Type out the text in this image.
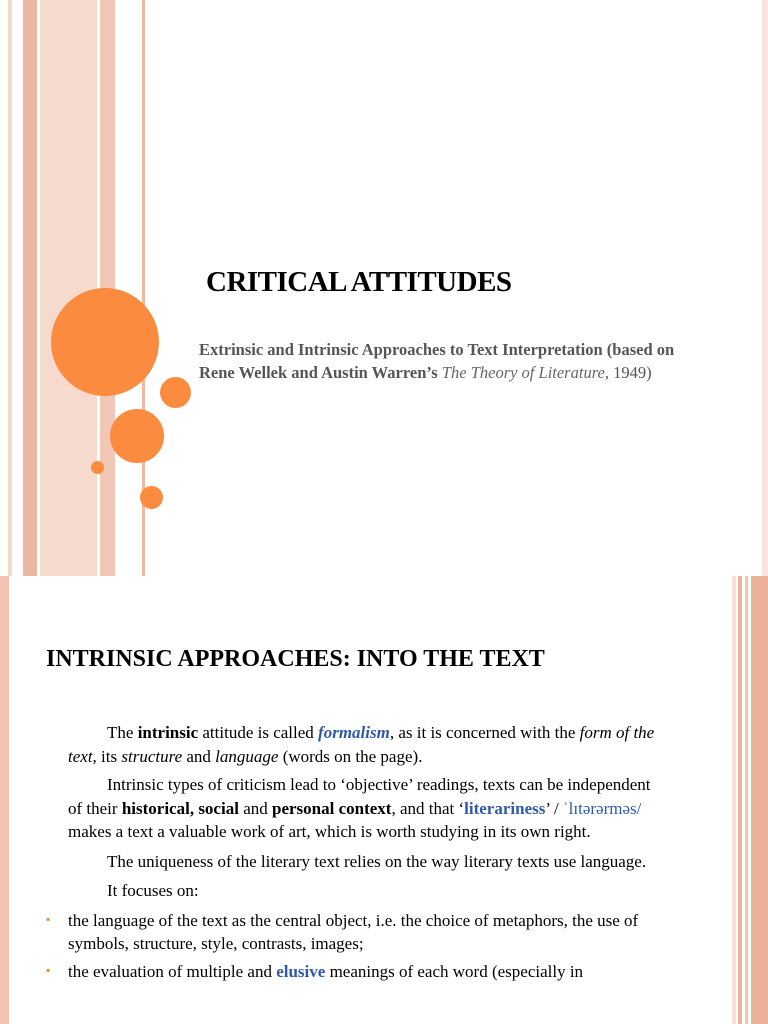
CRITICAL ATTITUDES
Extrinsic and Intrinsic Approaches to Text Interpretation (based on Rene Wellek and Austin Warren’s The Theory of Literature, 1949)
INTRINSIC APPROACHES: INTO THE TEXT

The intrinsic attitude is called formalism, as it is concerned with the form of the text, its structure and language (words on the page).

Intrinsic types of criticism lead to ‘objective’ readings, texts can be independent of their historical, social and personal context, and that ‘literariness’ / ˈlɪtərərməs/ makes a text a valuable work of art, which is worth studying in its own right.

The uniqueness of the literary text relies on the way literary texts use language.

It focuses on:

▪ the language of the text as the central object, i.e. the choice of metaphors, the use of symbols, structure, style, contrasts, images;
▪ the evaluation of multiple and elusive meanings of each word (especially in
